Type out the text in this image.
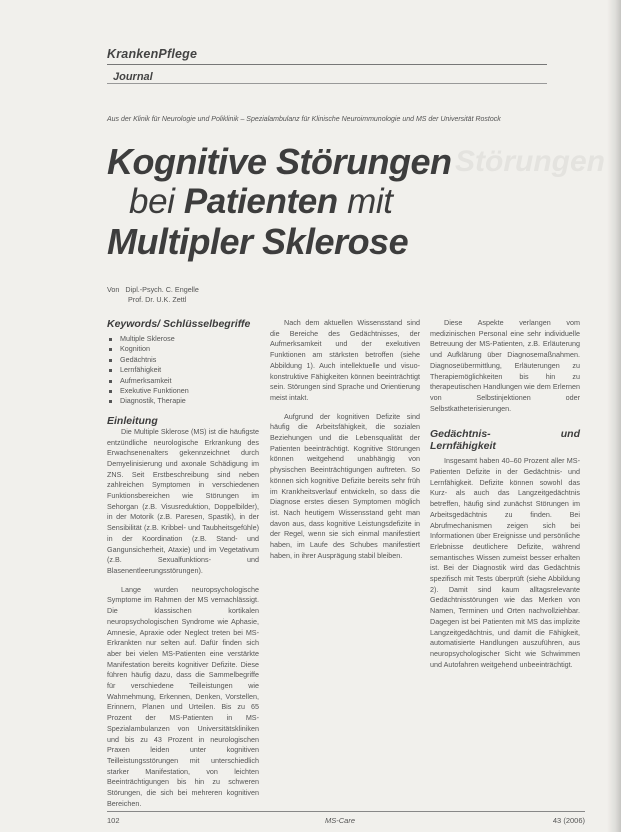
KrankenPflege
Journal
Aus der Klinik für Neurologie und Poliklinik – Spezialambulanz für Klinische Neuroimmunologie und MS der Universität Rostock
Störungen
Kognitive Störungen
bei Patienten mit
Multipler Sklerose
Von Dipl.-Psych. C. Engelle
Prof. Dr. U.K. Zettl
Keywords/ Schlüsselbegriffe
Multiple Sklerose
Kognition
Gedächtnis
Lernfähigkeit
Aufmerksamkeit
Exekutive Funktionen
Diagnostik, Therapie
Einleitung

Die Multiple Sklerose (MS) ist die häufigste entzündliche neurologische Erkrankung des Erwachsenenalters gekennzeichnet durch Demyelinisierung und axonale Schädigung im ZNS. Seit Erstbeschreibung sind neben zahlreichen Symptomen in verschiedenen Funktionsbereichen wie Störungen im Sehorgan (z.B. Visusreduktion, Doppelbilder), in der Motorik (z.B. Paresen, Spastik), in der Sensibilität (z.B. Kribbel- und Taubheitsgefühle) in der Koordination (z.B. Stand- und Gangunsicherheit, Ataxie) und im Vegetativum (z.B. Sexualfunktions- und Blasenentleerungsstörungen).

Lange wurden neuropsychologische Symptome im Rahmen der MS vernachlässigt. Die klassischen kortikalen neuropsychologischen Syndrome wie Aphasie, Amnesie, Apraxie oder Neglect treten bei MS-Erkrankten nur selten auf. Dafür finden sich aber bei vielen MS-Patienten eine verstärkte Manifestation bereits kognitiver Defizite. Diese führen häufig dazu, dass die Sammelbegriffe für verschiedene Teilleistungen wie Wahrnehmung, Erkennen, Denken, Vorstellen, Erinnern, Planen und Urteilen. Bis zu 65 Prozent der MS-Patienten in MS-Spezialambulanzen von Universitätskliniken und bis zu 43 Prozent in neurologischen Praxen leiden unter kognitiven Teilleistungsstörungen mit unterschiedlich starker Manifestation, von leichten Beeinträchtigungen bis hin zu schweren Störungen, die sich bei mehreren kognitiven Bereichen.

Nach dem aktuellen Wissensstand sind die Bereiche des Gedächtnisses, der Aufmerksamkeit und der exekutiven Funktionen am stärksten betroffen (siehe Abbildung 1). Auch intellektuelle und visuo-konstruktive Fähigkeiten können beeinträchtigt sein. Störungen sind Sprache und Orientierung meist intakt.

Aufgrund der kognitiven Defizite sind häufig die Arbeitsfähigkeit, die sozialen Beziehungen und die Lebensqualität der Patienten beeinträchtigt. Kognitive Störungen können weitgehend unabhängig von physischen Beeinträchtigungen auftreten. So können sich kognitive Defizite bereits sehr früh im Krankheitsverlauf entwickeln, so dass die Diagnose erstes diesen Symptomen möglich ist. Nach heutigem Wissensstand geht man davon aus, dass kognitive Leistungsdefizite in der Regel, wenn sie sich einmal manifestiert haben, im Laufe des Schubes manifestiert haben, in ihrer Ausprägung stabil bleiben.

Diese Aspekte verlangen vom medizinischen Personal eine sehr individuelle Betreuung der MS-Patienten, z.B. Erläuterung und Aufklärung über Diagnosemaßnahmen. Diagnoseübermittlung, Erläuterungen zu Therapiemöglichkeiten bis hin zu therapeutischen Handlungen wie dem Erlernen von Selbstinjektionen oder Selbstkatheterisierungen.

Gedächtnis- und Lernfähigkeit

Insgesamt haben 40–60 Prozent aller MS-Patienten Defizite in der Gedächtnis- und Lernfähigkeit. Defizite können sowohl das Kurz- als auch das Langzeitgedächtnis betreffen, häufig sind zunächst Störungen im Arbeitsgedächtnis zu finden. Bei Abrufmechanismen zeigen sich bei Informationen über Ereignisse und persönliche Erlebnisse deutlichere Defizite, während semantisches Wissen zumeist besser erhalten ist. Bei der Diagnostik wird das Gedächtnis spezifisch mit Tests überprüft (siehe Abbildung 2). Damit sind kaum alltagsrelevante Gedächtnisstörungen wie das Merken von Namen, Terminen und Orten nachvollziehbar. Dagegen ist bei Patienten mit MS das implizite Langzeitgedächtnis, und damit die Fähigkeit, automatisierte Handlungen auszuführen, aus neuropsychologischer Sicht wie Schwimmen und Autofahren weitgehend unbeeinträchtigt.

102	MS-Care	43 (2006)
